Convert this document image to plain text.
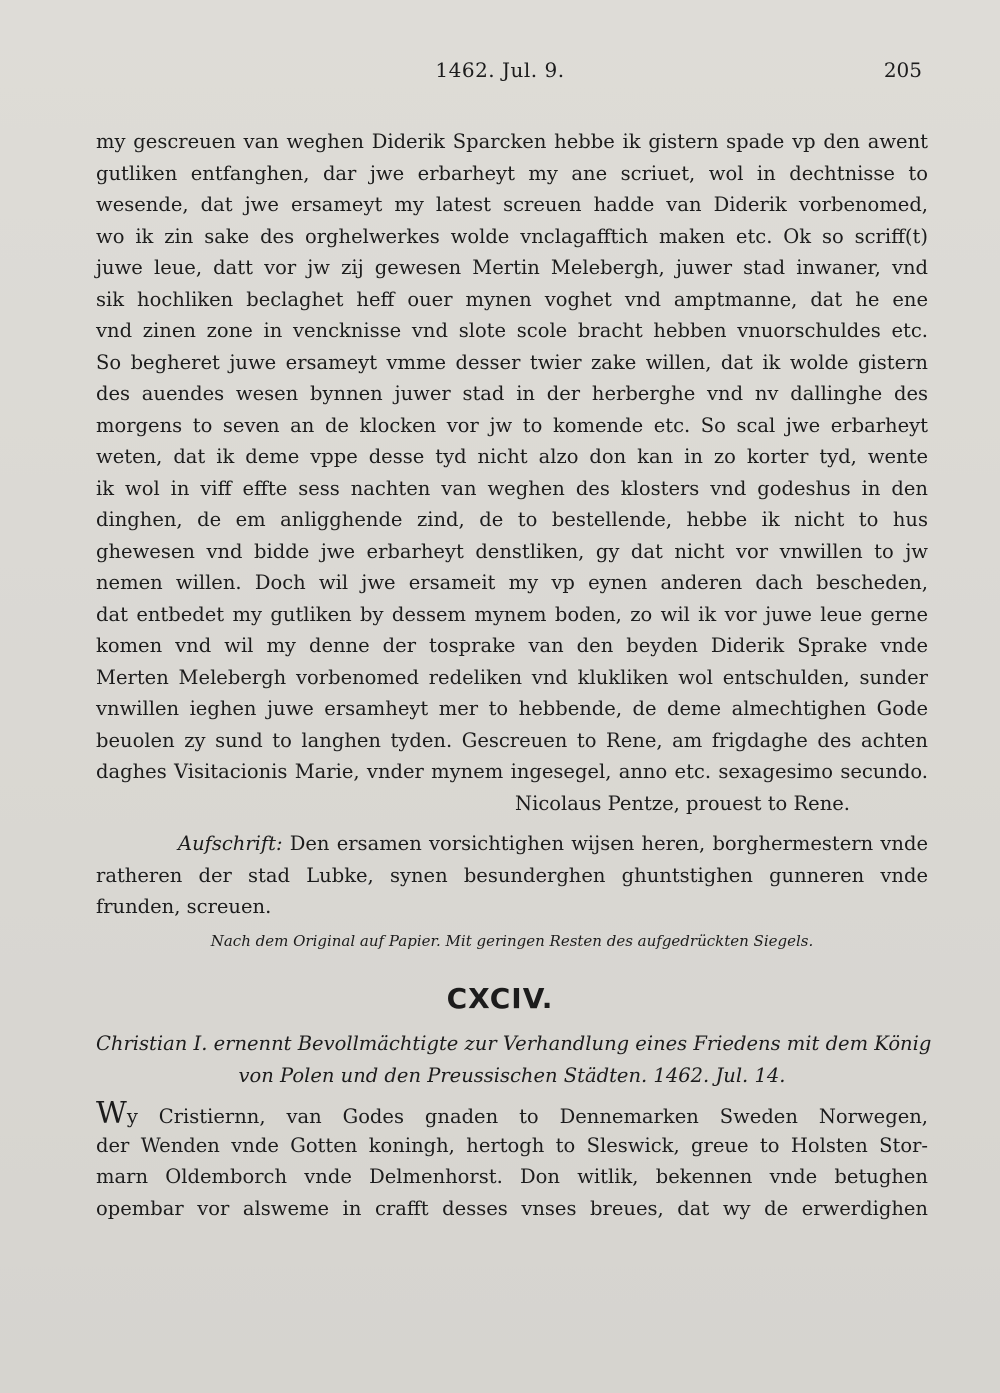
1462. Jul. 9.	205
my gescreuen van weghen Diderik Sparcken hebbe ik gistern spade vp den awent
gutliken entfanghen, dar jwe erbarheyt my ane scriuet, wol in dechtnisse to
wesende, dat jwe ersameyt my latest screuen hadde van Diderik vorbenomed,
wo ik zin sake des orghelwerkes wolde vnclagafftich maken etc. Ok so scriff(t)
juwe leue, datt vor jw zij gewesen Mertin Melebergh, juwer stad inwaner, vnd
sik hochliken beclaghet heff ouer mynen voghet vnd amptmanne, dat he ene
vnd zinen zone in vencknisse vnd slote scole bracht hebben vnuorschuldes etc.
So begheret juwe ersameyt vmme desser twier zake willen, dat ik wolde gistern
des auendes wesen bynnen juwer stad in der herberghe vnd nv dallinghe des
morgens to seven an de klocken vor jw to komende etc. So scal jwe erbarheyt
weten, dat ik deme vppe desse tyd nicht alzo don kan in zo korter tyd, wente
ik wol in viff effte sess nachten van weghen des klosters vnd godeshus in den
dinghen, de em anligghende zind, de to bestellende, hebbe ik nicht to hus
ghewesen vnd bidde jwe erbarheyt denstliken, gy dat nicht vor vnwillen to jw
nemen willen. Doch wil jwe ersameit my vp eynen anderen dach bescheden,
dat entbedet my gutliken by dessem mynem boden, zo wil ik vor juwe leue gerne
komen vnd wil my denne der tosprake van den beyden Diderik Sprake vnde
Merten Melebergh vorbenomed redeliken vnd klukliken wol entschulden, sunder
vnwillen ieghen juwe ersamheyt mer to hebbende, de deme almechtighen Gode
beuolen zy sund to langhen tyden. Gescreuen to Rene, am frigdaghe des achten
daghes Visitacionis Marie, vnder mynem ingesegel, anno etc. sexagesimo secundo.
Nicolaus Pentze, prouest to Rene.
Aufschrift: Den ersamen vorsichtighen wijsen heren, borghermestern vnde
ratheren der stad Lubke, synen besunderghen ghuntstighen gunneren vnde
frunden, screuen.
Nach dem Original auf Papier. Mit geringen Resten des aufgedrückten Siegels.
CXCIV.
Christian I. ernennt Bevollmächtigte zur Verhandlung eines Friedens mit dem König
von Polen und den Preussischen Städten. 1462. Jul. 14.
Wy Cristiernn, van Godes gnaden to Dennemarken Sweden Norwegen,
der Wenden vnde Gotten koningh, hertogh to Sleswick, greue to Holsten Stor-
marn Oldemborch vnde Delmenhorst. Don witlik, bekennen vnde betughen
opembar vor alsweme in crafft desses vnses breues, dat wy de erwerdighen
